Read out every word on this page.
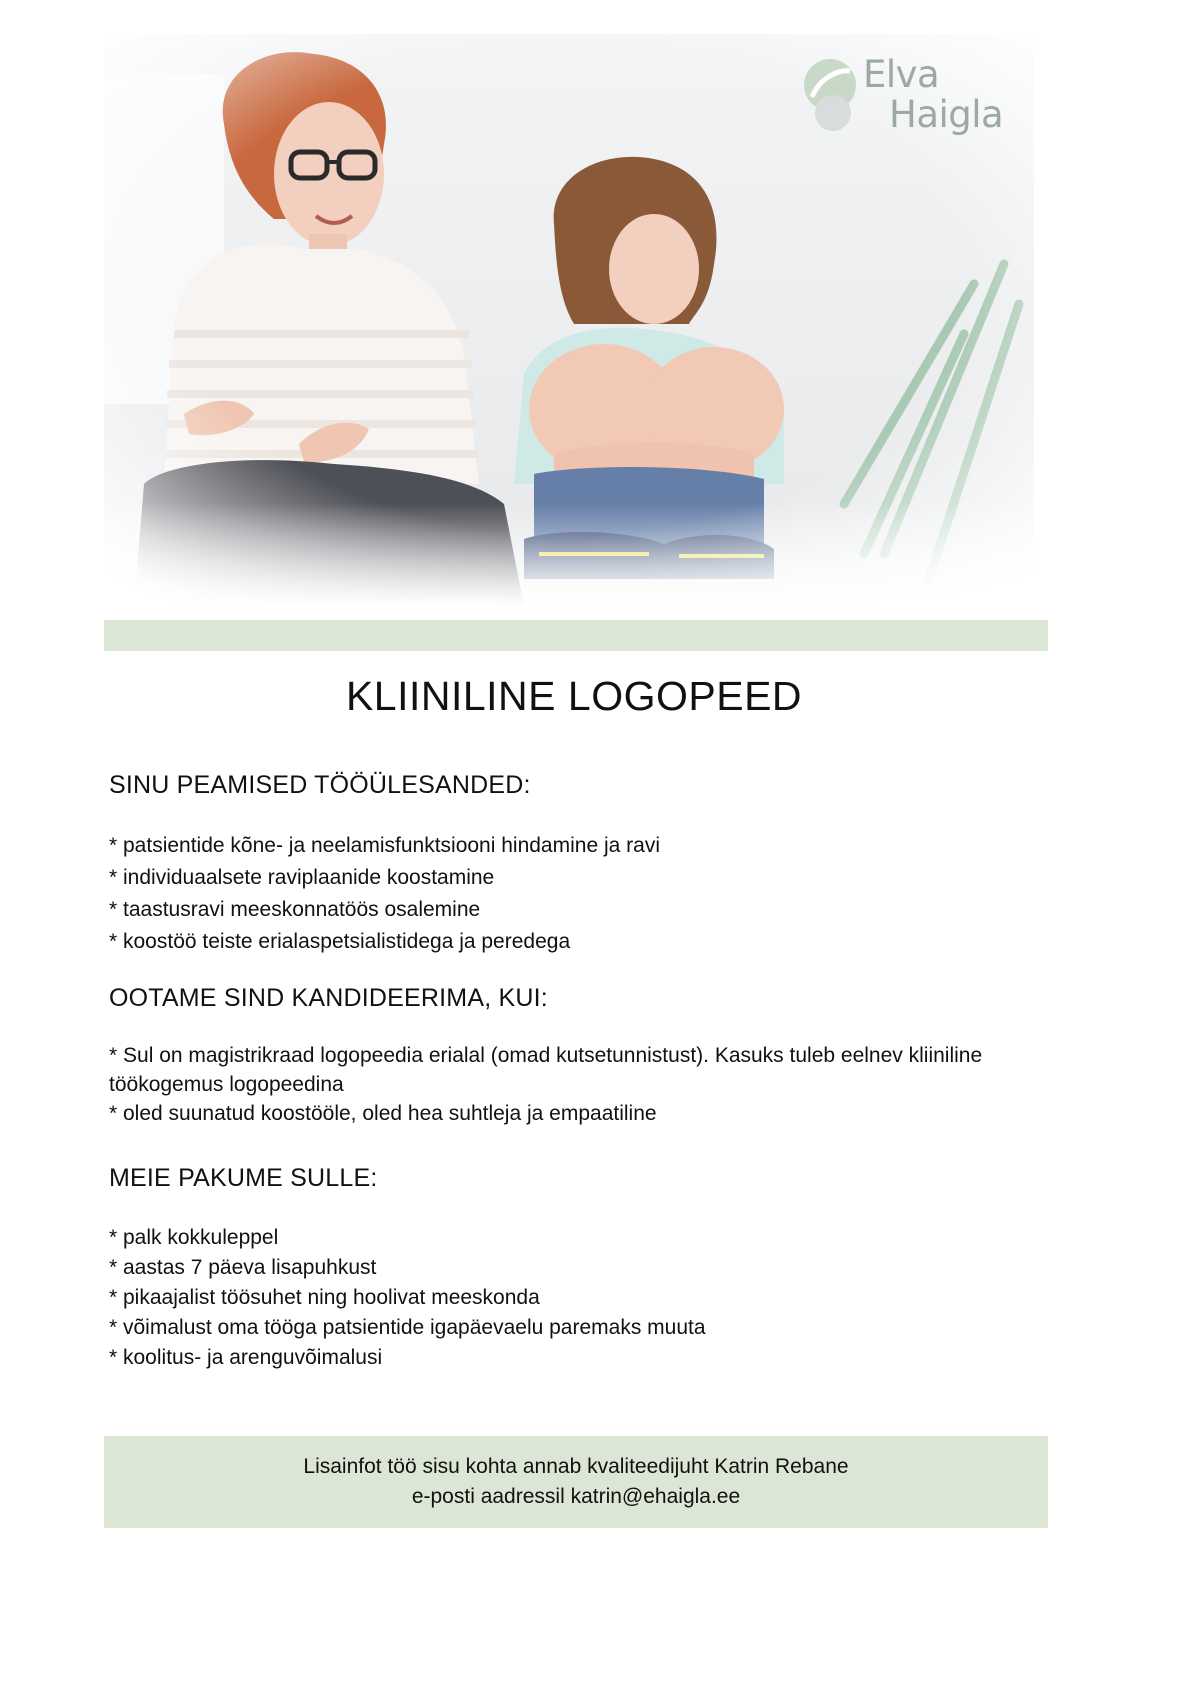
Elva
Haigla
KLIINILINE LOGOPEED
SINU PEAMISED TÖÖÜLESANDED:
* patsientide kõne- ja neelamisfunktsiooni hindamine ja ravi
* individuaalsete raviplaanide koostamine
* taastusravi meeskonnatöös osalemine
* koostöö teiste erialaspetsialistidega ja peredega
OOTAME SIND KANDIDEERIMA, KUI:
* Sul on magistrikraad logopeedia erialal (omad kutsetunnistust). Kasuks tuleb eelnev kliiniline töökogemus logopeedina
* oled suunatud koostööle, oled hea suhtleja ja empaatiline
MEIE PAKUME SULLE:
* palk kokkuleppel
* aastas 7 päeva lisapuhkust
* pikaajalist töösuhet ning hoolivat meeskonda
* võimalust oma tööga patsientide igapäevaelu paremaks muuta
* koolitus- ja arenguvõimalusi
Lisainfot töö sisu kohta annab kvaliteedijuht Katrin Rebane
e-posti aadressil katrin@ehaigla.ee
